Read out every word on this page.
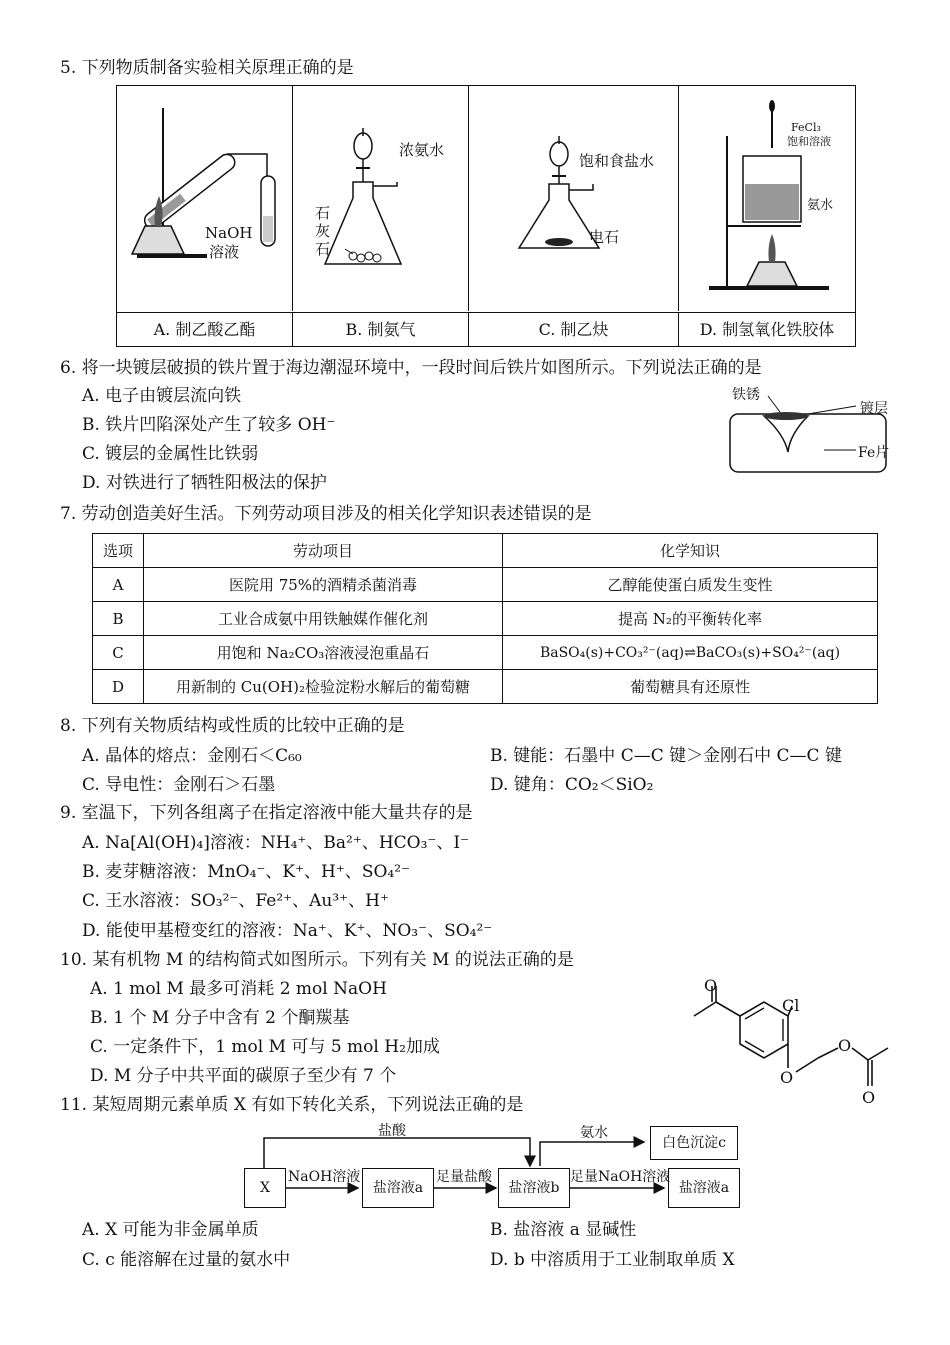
5. 下列物质制备实验相关原理正确的是
NaOH
溶液
浓氨水
石
灰
石
饱和食盐水
电石
FeCl₃
饱和溶液
氨水
A. 制乙酸乙酯	B. 制氨气	C. 制乙炔	D. 制氢氧化铁胶体
6. 将一块镀层破损的铁片置于海边潮湿环境中，一段时间后铁片如图所示。下列说法正确的是
A. 电子由镀层流向铁
B. 铁片凹陷深处产生了较多 OH⁻
C. 镀层的金属性比铁弱
D. 对铁进行了牺牲阳极法的保护
铁锈
镀层
Fe片
7. 劳动创造美好生活。下列劳动项目涉及的相关化学知识表述错误的是
选项	劳动项目	化学知识
A	医院用 75%的酒精杀菌消毒	乙醇能使蛋白质发生变性
B	工业合成氨中用铁触媒作催化剂	提高 N₂的平衡转化率
C	用饱和 Na₂CO₃溶液浸泡重晶石	BaSO₄(s)+CO₃²⁻(aq)⇌BaCO₃(s)+SO₄²⁻(aq)
D	用新制的 Cu(OH)₂检验淀粉水解后的葡萄糖	葡萄糖具有还原性
8. 下列有关物质结构或性质的比较中正确的是
A. 晶体的熔点：金刚石＜C₆₀	B. 键能：石墨中 C—C 键＞金刚石中 C—C 键
C. 导电性：金刚石＞石墨	D. 键角：CO₂＜SiO₂
9. 室温下，下列各组离子在指定溶液中能大量共存的是
A. Na[Al(OH)₄]溶液：NH₄⁺、Ba²⁺、HCO₃⁻、I⁻
B. 麦芽糖溶液：MnO₄⁻、K⁺、H⁺、SO₄²⁻
C. 王水溶液：SO₃²⁻、Fe²⁺、Au³⁺、H⁺
D. 能使甲基橙变红的溶液：Na⁺、K⁺、NO₃⁻、SO₄²⁻
10. 某有机物 M 的结构简式如图所示。下列有关 M 的说法正确的是
A. 1 mol M 最多可消耗 2 mol NaOH
B. 1 个 M 分子中含有 2 个酮羰基
C. 一定条件下，1 mol M 可与 5 mol H₂加成
D. M 分子中共平面的碳原子至少有 7 个
O
Cl
O
O
O
11. 某短周期元素单质 X 有如下转化关系，下列说法正确的是
X	盐溶液a	盐溶液b	盐溶液a
白色沉淀c
盐酸
NaOH溶液	足量盐酸
氨水
足量NaOH溶液
A. X 可能为非金属单质	B. 盐溶液 a 显碱性
C. c 能溶解在过量的氨水中	D. b 中溶质用于工业制取单质 X
